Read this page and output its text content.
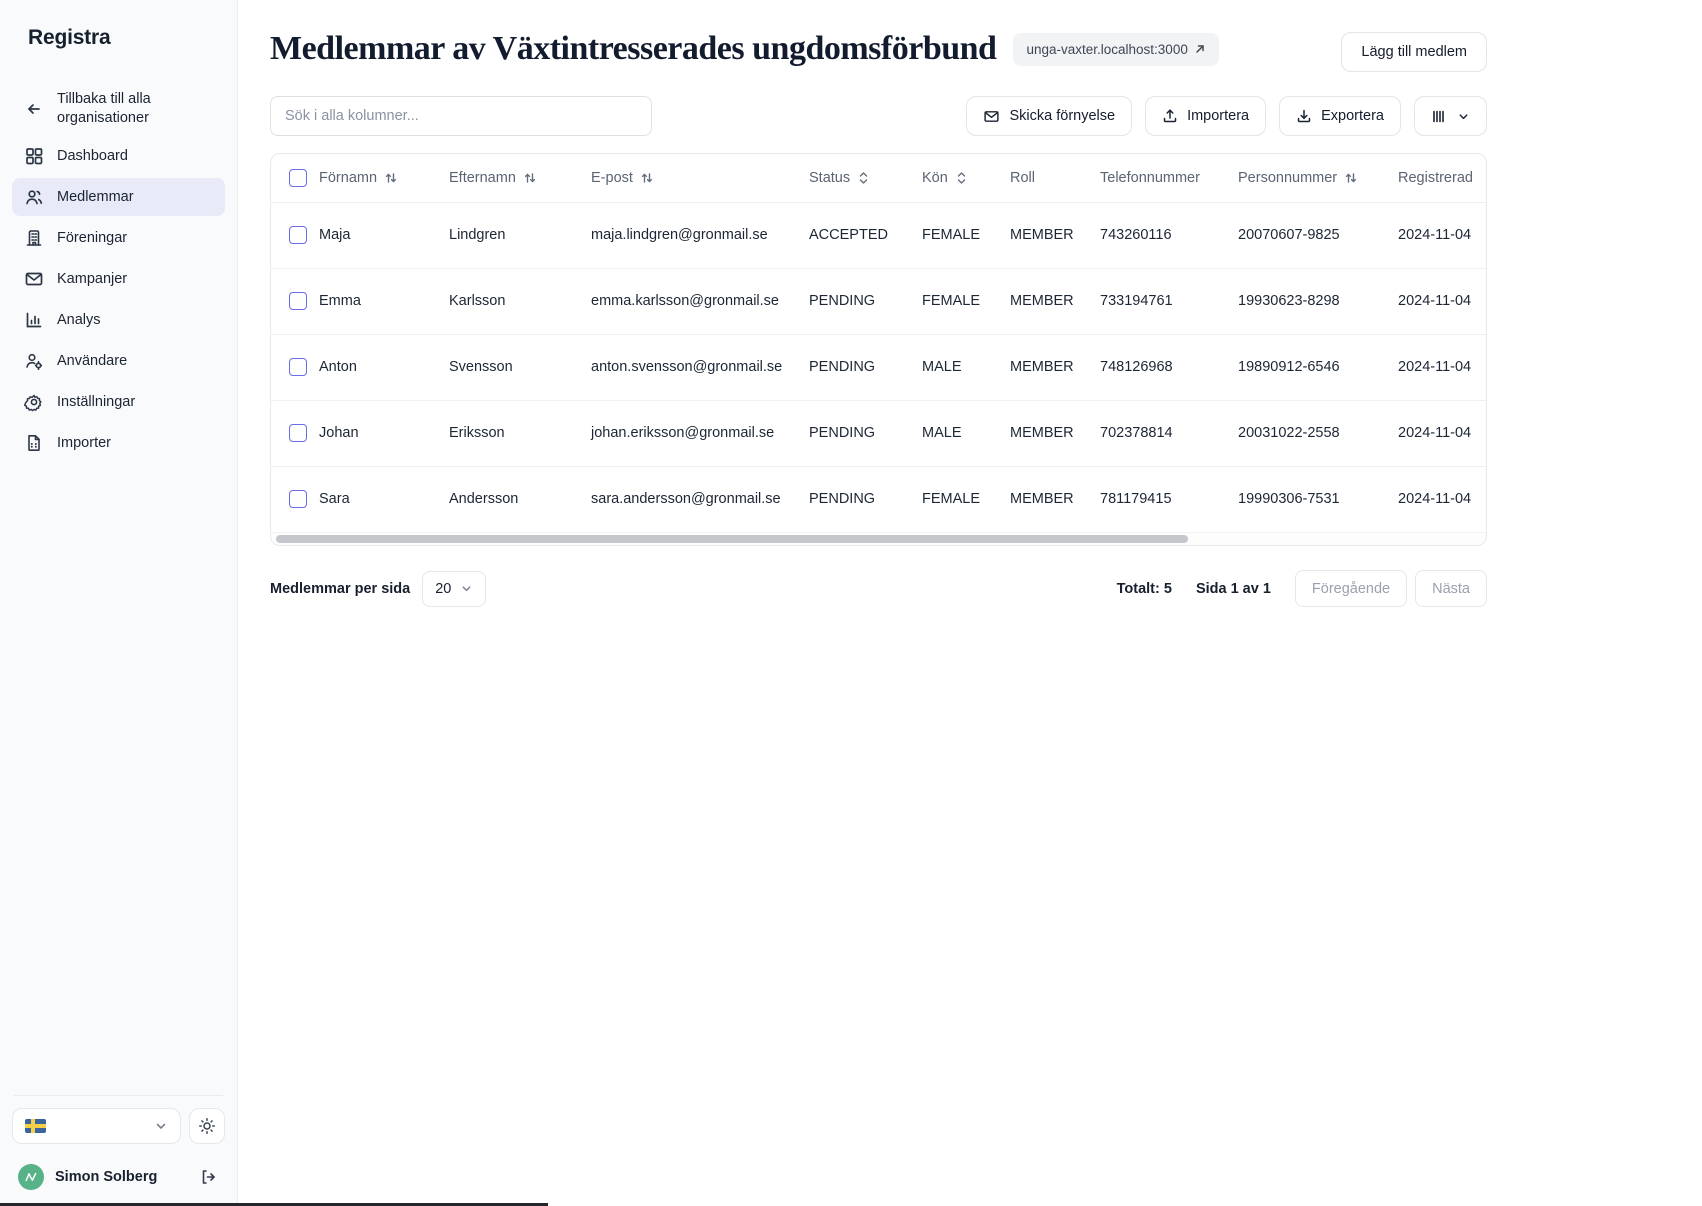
Registra
Tillbaka till alla organisationer
Dashboard
Medlemmar
Föreningar
Kampanjer
Analys
Användare
Inställningar
Importer
Simon Solberg
Medlemmar av Växtintresserades ungdomsförbund unga-vaxter.localhost:3000	Lägg till medlem
Sök i alla kolumner...
Skicka förnyelse	Importera	Exportera

	Förnamn	Efternamn	E-post	Status	Kön	Roll	Telefonnummer	Personnummer	Registrerad

	Maja	Lindgren	maja.lindgren@gronmail.se	ACCEPTED	FEMALE	MEMBER	743260116	20070607-9825	2024-11-04
	Emma	Karlsson	emma.karlsson@gronmail.se	PENDING	FEMALE	MEMBER	733194761	19930623-8298	2024-11-04
	Anton	Svensson	anton.svensson@gronmail.se	PENDING	MALE	MEMBER	748126968	19890912-6546	2024-11-04
	Johan	Eriksson	johan.eriksson@gronmail.se	PENDING	MALE	MEMBER	702378814	20031022-2558	2024-11-04
	Sara	Andersson	sara.andersson@gronmail.se	PENDING	FEMALE	MEMBER	781179415	19990306-7531	2024-11-04
Medlemmar per sida 20	Totalt: 5 Sida 1 av 1	Föregående	Nästa
